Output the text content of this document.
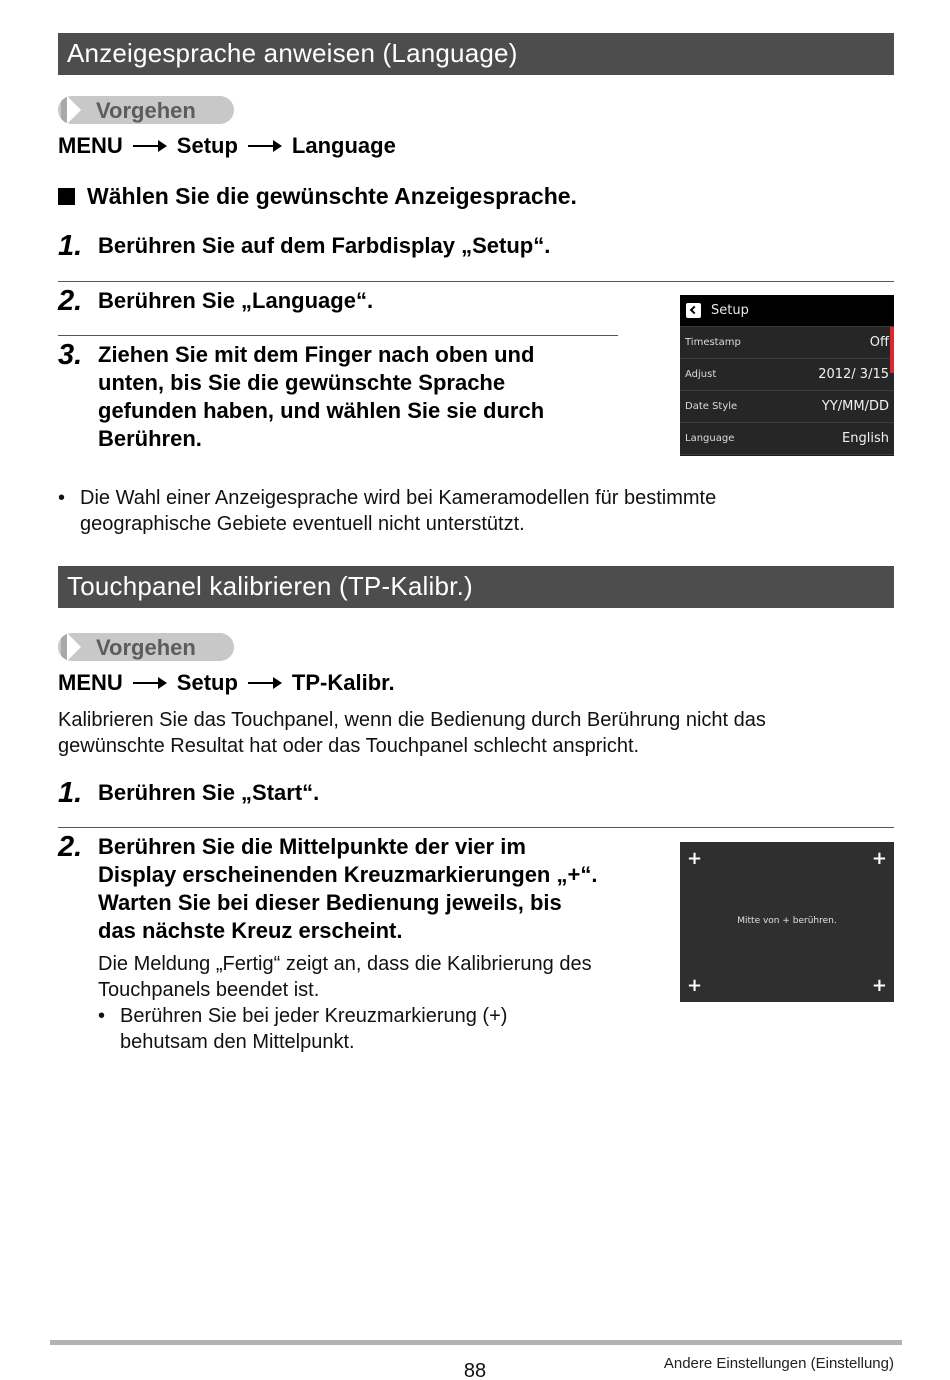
Anzeigesprache anweisen (Language)
Vorgehen
MENU Setup Language
Wählen Sie die gewünschte Anzeigesprache.
1. Berühren Sie auf dem Farbdisplay „Setup“.
2. Berühren Sie „Language“.
3. Ziehen Sie mit dem Finger nach oben und unten, bis Sie die gewünschte Sprache gefunden haben, und wählen Sie sie durch Berühren.
Setup
Timestamp	Off
Adjust	2012/ 3/15
Date Style	YY/MM/DD
Language	English
• Die Wahl einer Anzeigesprache wird bei Kameramodellen für bestimmte geographische Gebiete eventuell nicht unterstützt.
Touchpanel kalibrieren (TP-Kalibr.)
Vorgehen
MENU Setup TP-Kalibr.
Kalibrieren Sie das Touchpanel, wenn die Bedienung durch Berührung nicht das gewünschte Resultat hat oder das Touchpanel schlecht anspricht.
1. Berühren Sie „Start“.
2. Berühren Sie die Mittelpunkte der vier im Display erscheinenden Kreuzmarkierungen „+“. Warten Sie bei dieser Bedienung jeweils, bis das nächste Kreuz erscheint.
Die Meldung „Fertig“ zeigt an, dass die Kalibrierung des Touchpanels beendet ist.
• Berühren Sie bei jeder Kreuzmarkierung (+) behutsam den Mittelpunkt.
+	+
+	+
Mitte von + berühren.
88	Andere Einstellungen (Einstellung)
